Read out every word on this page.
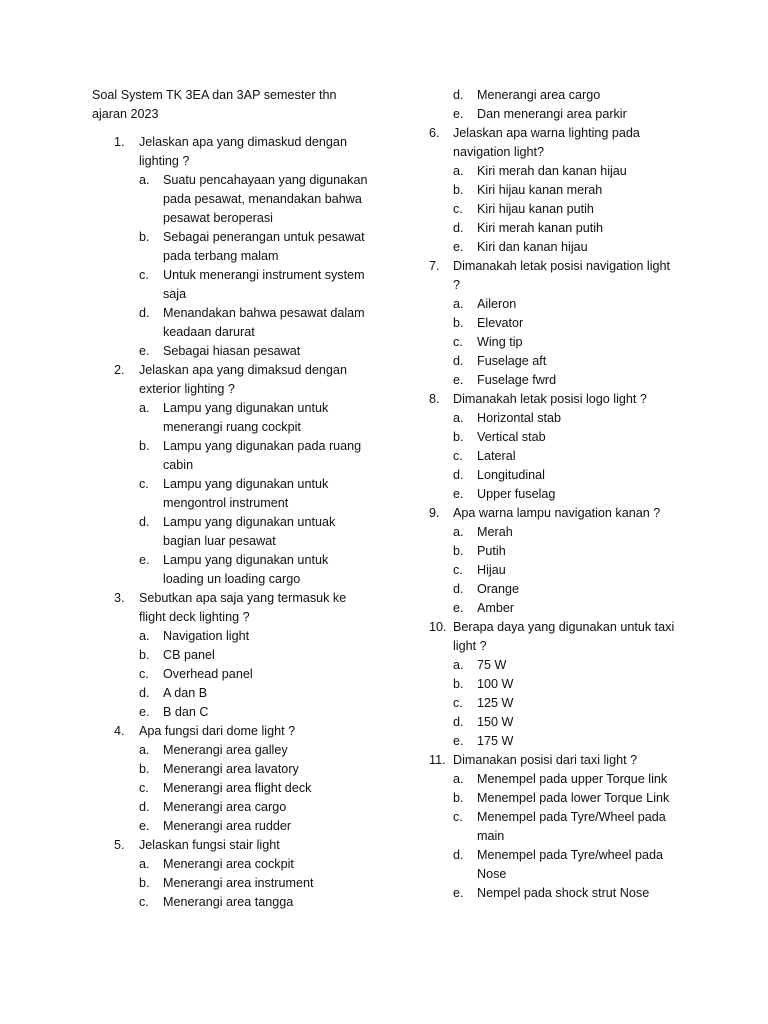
Soal System TK 3EA dan 3AP semester thn ajaran 2023
1. Jelaskan apa yang dimaskud dengan lighting ?
a. Suatu pencahayaan yang digunakan pada pesawat, menandakan bahwa pesawat beroperasi
b. Sebagai penerangan untuk pesawat pada terbang malam
c. Untuk menerangi instrument system saja
d. Menandakan bahwa pesawat dalam keadaan darurat
e. Sebagai hiasan pesawat
2. Jelaskan apa yang dimaksud dengan exterior lighting ?
a. Lampu yang digunakan untuk menerangi ruang cockpit
b. Lampu yang digunakan pada ruang cabin
c. Lampu yang digunakan untuk mengontrol instrument
d. Lampu yang digunakan untuak bagian luar pesawat
e. Lampu yang digunakan untuk loading un loading cargo
3. Sebutkan apa saja yang termasuk ke flight deck lighting ?
a. Navigation light
b. CB panel
c. Overhead panel
d. A dan B
e. B dan C
4. Apa fungsi dari dome light ?
a. Menerangi area galley
b. Menerangi area lavatory
c. Menerangi area flight deck
d. Menerangi area cargo
e. Menerangi area rudder
5. Jelaskan fungsi stair light
a. Menerangi area cockpit
b. Menerangi area instrument
c. Menerangi area tangga
d. Menerangi area cargo
e. Dan menerangi area parkir
6. Jelaskan apa warna lighting pada navigation light?
a. Kiri merah dan kanan hijau
b. Kiri hijau kanan merah
c. Kiri hijau kanan putih
d. Kiri merah kanan putih
e. Kiri dan kanan hijau
7. Dimanakah letak posisi navigation light ?
a. Aileron
b. Elevator
c. Wing tip
d. Fuselage aft
e. Fuselage fwrd
8. Dimanakah letak posisi logo light ?
a. Horizontal stab
b. Vertical stab
c. Lateral
d. Longitudinal
e. Upper fuselag
9. Apa warna lampu navigation kanan ?
a. Merah
b. Putih
c. Hijau
d. Orange
e. Amber
10. Berapa daya yang digunakan untuk taxi light ?
a. 75 W
b. 100 W
c. 125 W
d. 150 W
e. 175 W
11. Dimanakan posisi dari taxi light ?
a. Menempel pada upper Torque link
b. Menempel pada lower Torque Link
c. Menempel pada Tyre/Wheel pada main
d. Menempel pada Tyre/wheel pada Nose
e. Nempel pada shock strut Nose
